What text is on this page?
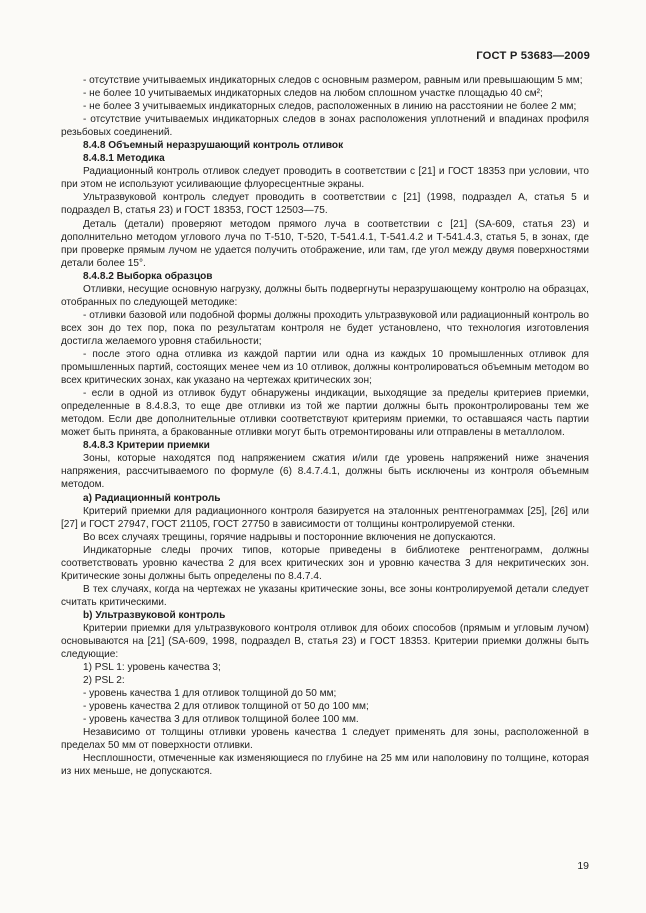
ГОСТ Р 53683—2009

- отсутствие учитываемых индикаторных следов с основным размером, равным или превышающим 5 мм;

- не более 10 учитываемых индикаторных следов на любом сплошном участке площадью 40 см²;

- не более 3 учитываемых индикаторных следов, расположенных в линию на расстоянии не более 2 мм;

- отсутствие учитываемых индикаторных следов в зонах расположения уплотнений и впадинах профиля резьбовых соединений.

8.4.8 Объемный неразрушающий контроль отливок

8.4.8.1 Методика

Радиационный контроль отливок следует проводить в соответствии с [21] и ГОСТ 18353 при условии, что при этом не используют усиливающие флуоресцентные экраны.

Ультразвуковой контроль следует проводить в соответствии с [21] (1998, подраздел А, статья 5 и подраздел В, статья 23) и ГОСТ 18353, ГОСТ 12503—75.

Деталь (детали) проверяют методом прямого луча в соответствии с [21] (SA-609, статья 23) и дополнительно методом углового луча по Т-510, Т-520, Т-541.4.1, Т-541.4.2 и Т-541.4.3, статья 5, в зонах, где при проверке прямым лучом не удается получить отображение, или там, где угол между двумя поверхностями детали более 15°.

8.4.8.2 Выборка образцов

Отливки, несущие основную нагрузку, должны быть подвергнуты неразрушающему контролю на образцах, отобранных по следующей методике:

- отливки базовой или подобной формы должны проходить ультразвуковой или радиационный контроль во всех зон до тех пор, пока по результатам контроля не будет установлено, что технология изготовления достигла желаемого уровня стабильности;

- после этого одна отливка из каждой партии или одна из каждых 10 промышленных отливок для промышленных партий, состоящих менее чем из 10 отливок, должны контролироваться объемным методом во всех критических зонах, как указано на чертежах критических зон;

- если в одной из отливок будут обнаружены индикации, выходящие за пределы критериев приемки, определенные в 8.4.8.3, то еще две отливки из той же партии должны быть проконтролированы тем же методом. Если две дополнительные отливки соответствуют критериям приемки, то оставшаяся часть партии может быть принята, а бракованные отливки могут быть отремонтированы или отправлены в металлолом.

8.4.8.3 Критерии приемки

Зоны, которые находятся под напряжением сжатия и/или где уровень напряжений ниже значения напряжения, рассчитываемого по формуле (6) 8.4.7.4.1, должны быть исключены из контроля объемным методом.

а) Радиационный контроль

Критерий приемки для радиационного контроля базируется на эталонных рентгенограммах [25], [26] или [27] и ГОСТ 27947, ГОСТ 21105, ГОСТ 27750 в зависимости от толщины контролируемой стенки.

Во всех случаях трещины, горячие надрывы и посторонние включения не допускаются.

Индикаторные следы прочих типов, которые приведены в библиотеке рентгенограмм, должны соответствовать уровню качества 2 для всех критических зон и уровню качества 3 для некритических зон. Критические зоны должны быть определены по 8.4.7.4.

В тех случаях, когда на чертежах не указаны критические зоны, все зоны контролируемой детали следует считать критическими.

b) Ультразвуковой контроль

Критерии приемки для ультразвукового контроля отливок для обоих способов (прямым и угловым лучом) основываются на [21] (SA-609, 1998, подраздел В, статья 23) и ГОСТ 18353. Критерии приемки должны быть следующие:

1) PSL 1: уровень качества 3;

2) PSL 2:

- уровень качества 1 для отливок толщиной до 50 мм;

- уровень качества 2 для отливок толщиной от 50 до 100 мм;

- уровень качества 3 для отливок толщиной более 100 мм.

Независимо от толщины отливки уровень качества 1 следует применять для зоны, расположенной в пределах 50 мм от поверхности отливки.

Несплошности, отмеченные как изменяющиеся по глубине на 25 мм или наполовину по толщине, которая из них меньше, не допускаются.

19
